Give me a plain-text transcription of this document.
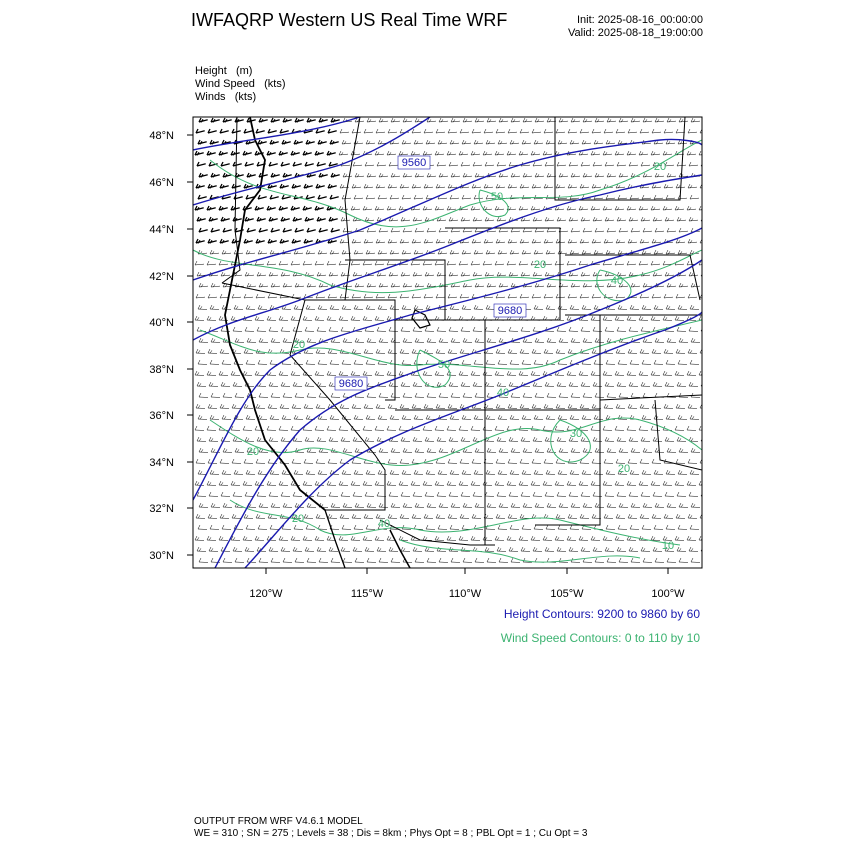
IWFAQRP Western US Real Time WRF	Init: 2025-08-16_00:00:00
Valid: 2025-08-18_19:00:00
Height (m)
Wind Speed (kts)
Winds (kts)
9560
9680
9680
50
40
20
50
40
30
20
20	40
10
20
20
20
48°N
46°N
44°N
42°N
40°N
38°N
36°N
34°N
32°N
30°N
120°W	115°W	110°W	105°W	100°W
Height Contours: 9200 to 9860 by 60
Wind Speed Contours: 0 to 110 by 10
OUTPUT FROM WRF V4.6.1 MODEL
WE = 310 ; SN = 275 ; Levels = 38 ; Dis = 8km ; Phys Opt = 8 ; PBL Opt = 1 ; Cu Opt = 3
